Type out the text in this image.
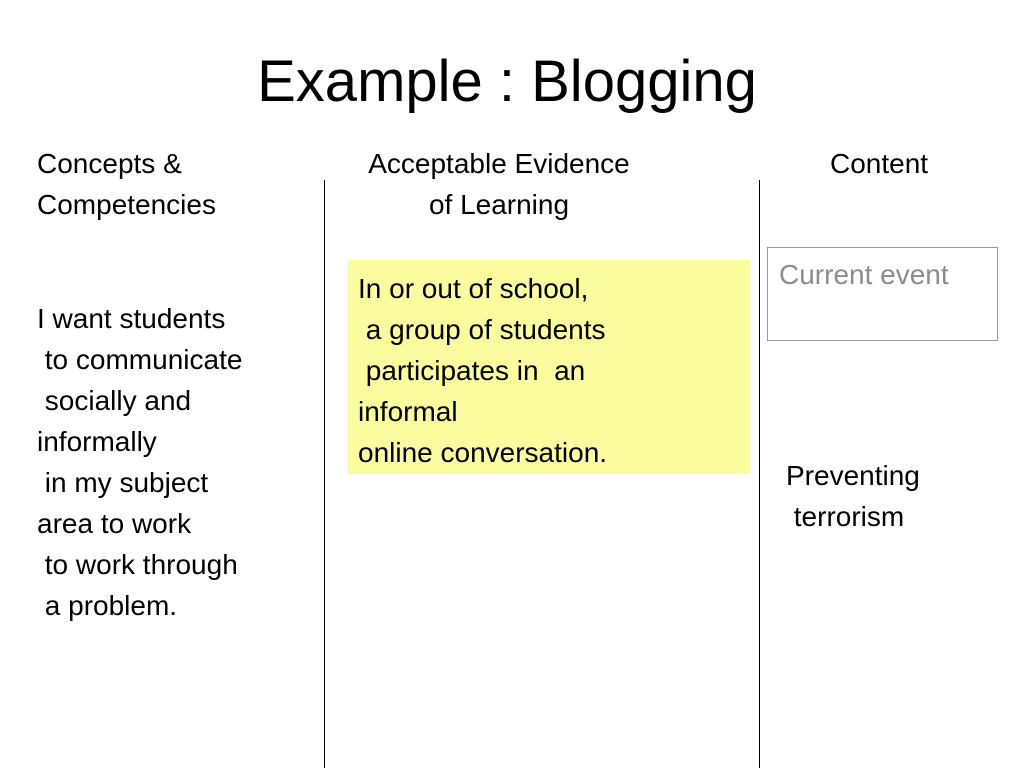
Example : Blogging

Concepts &
Competencies

Acceptable Evidence
of Learning

Content

I want students
to communicate
socially and
informally
in my subject
area to work
to work through
a problem.

In or out of school,
a group of students
participates in  an
informal
online conversation.

Current event

Preventing
terrorism
